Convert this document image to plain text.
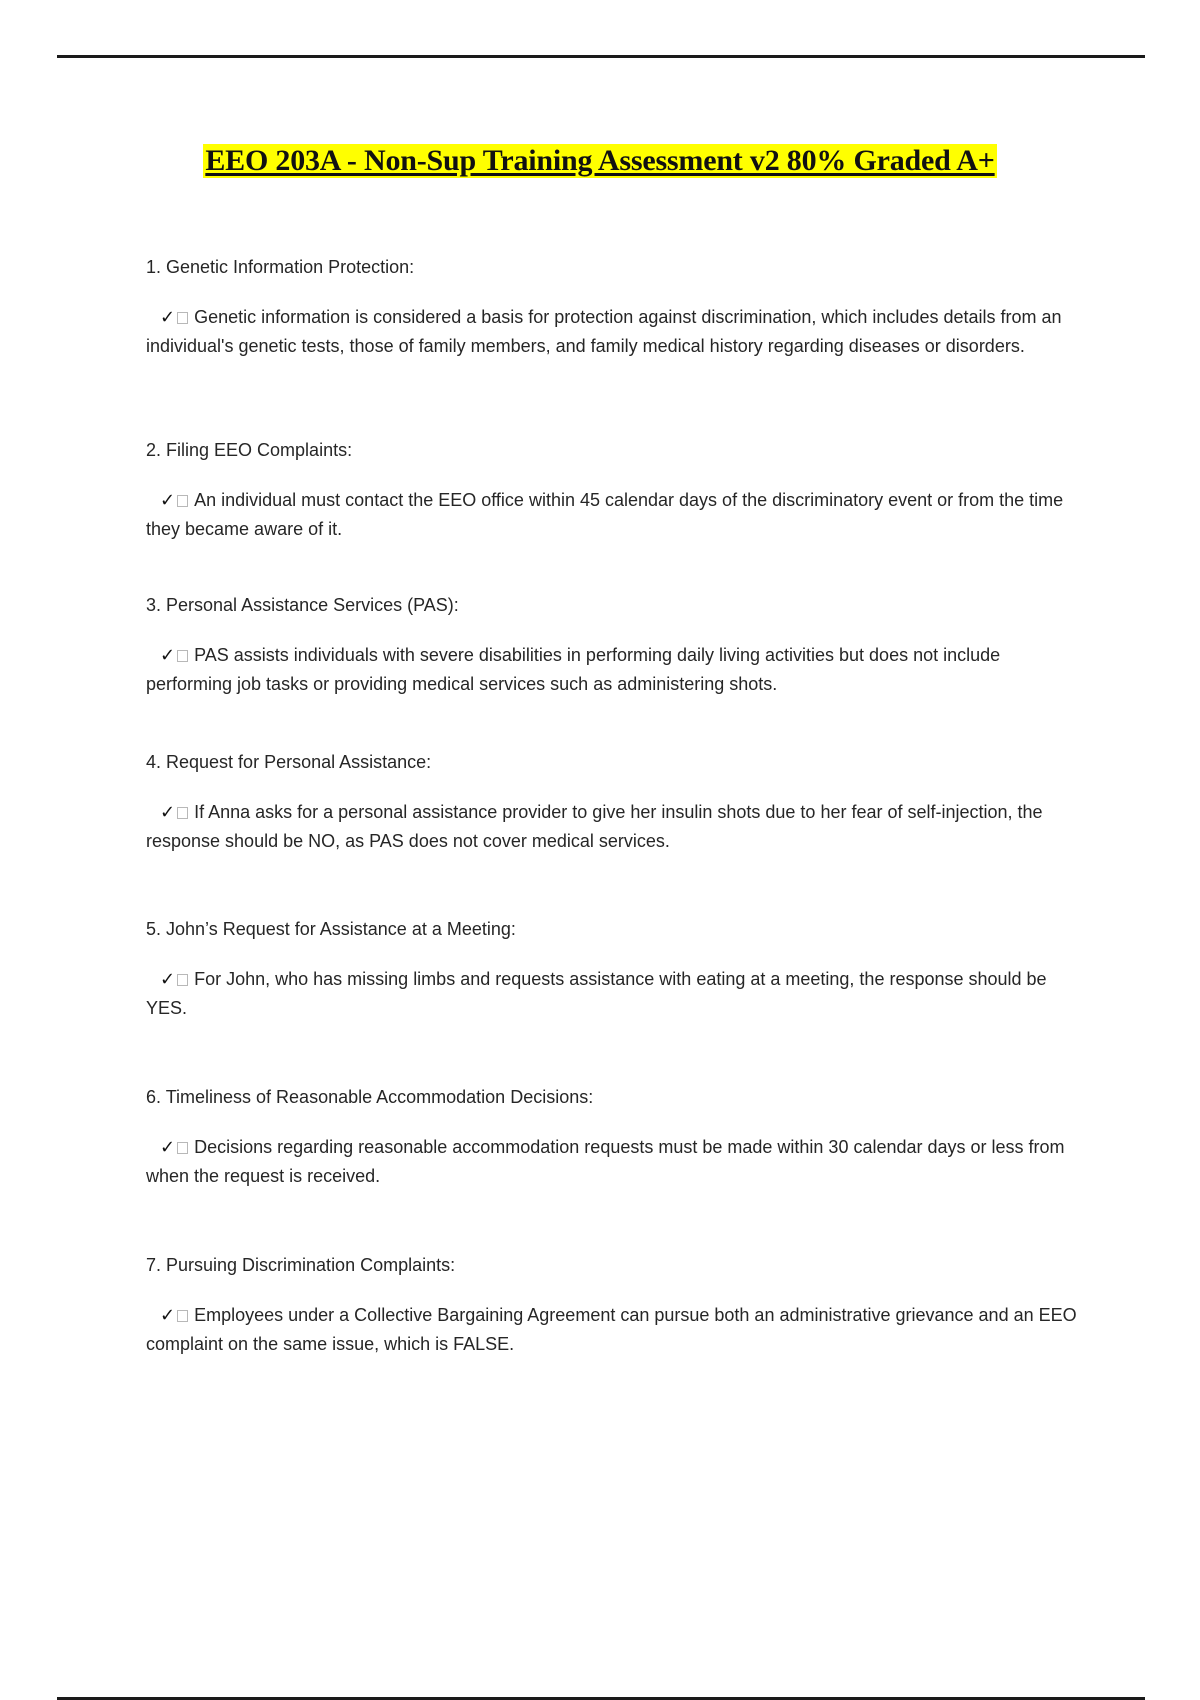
EEO 203A - Non-Sup Training Assessment v2 80% Graded A+

1. Genetic Information Protection:

✓ Genetic information is considered a basis for protection against discrimination, which includes details from an individual's genetic tests, those of family members, and family medical history regarding diseases or disorders.

2. Filing EEO Complaints:

✓ An individual must contact the EEO office within 45 calendar days of the discriminatory event or from the time they became aware of it.

3. Personal Assistance Services (PAS):

✓ PAS assists individuals with severe disabilities in performing daily living activities but does not include performing job tasks or providing medical services such as administering shots.

4. Request for Personal Assistance:

✓ If Anna asks for a personal assistance provider to give her insulin shots due to her fear of self-injection, the response should be NO, as PAS does not cover medical services.

5. John’s Request for Assistance at a Meeting:

✓ For John, who has missing limbs and requests assistance with eating at a meeting, the response should be YES.

6. Timeliness of Reasonable Accommodation Decisions:

✓ Decisions regarding reasonable accommodation requests must be made within 30 calendar days or less from when the request is received.

7. Pursuing Discrimination Complaints:

✓ Employees under a Collective Bargaining Agreement can pursue both an administrative grievance and an EEO complaint on the same issue, which is FALSE.
